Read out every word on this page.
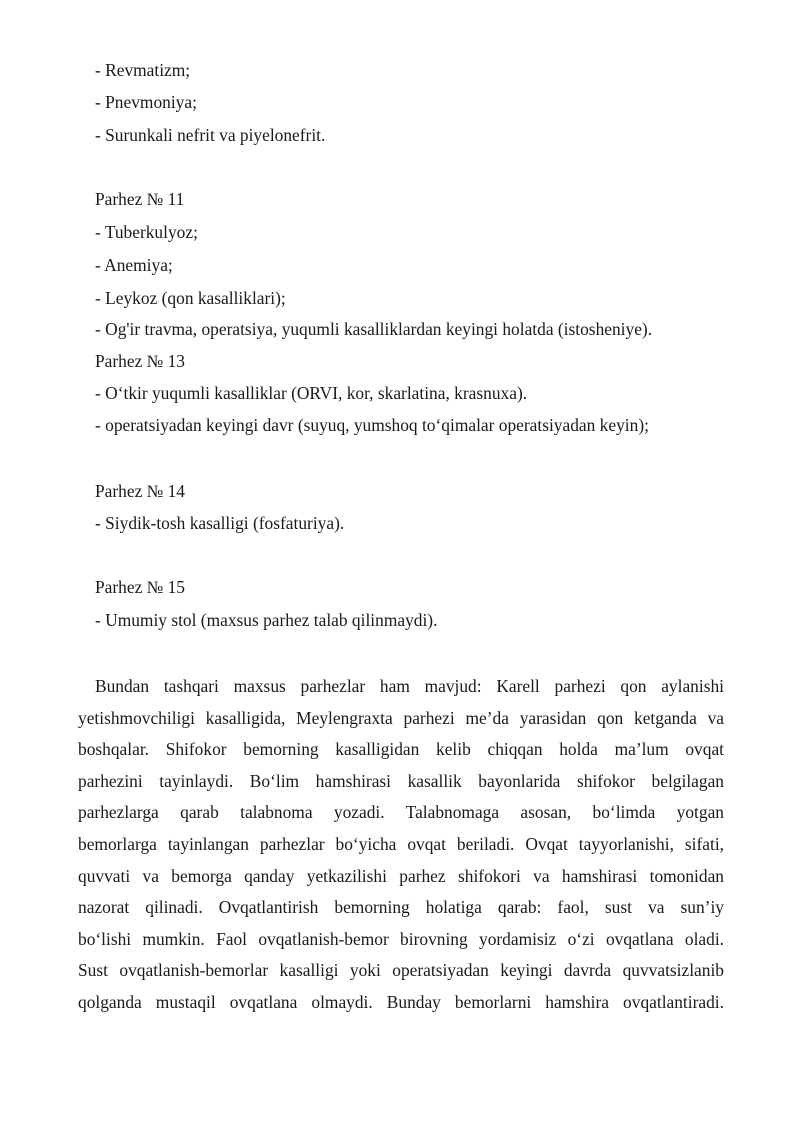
- Revmatizm;
- Pnevmoniya;
- Surunkali nefrit va piyelonefrit.
Parhez № 11
- Tuberkulyoz;
- Anemiya;
- Leykoz (qon kasalliklari);
- Og'ir travma, operatsiya, yuqumli kasalliklardan keyingi holatda (istosheniye).
Parhez № 13
- O‘tkir yuqumli kasalliklar (ORVI, kor, skarlatina, krasnuxa).
- operatsiyadan keyingi davr (suyuq, yumshoq to‘qimalar operatsiyadan keyin);
Parhez № 14
- Siydik-tosh kasalligi (fosfaturiya).
Parhez № 15
- Umumiy stol (maxsus parhez talab qilinmaydi).
Bundan tashqari maxsus parhezlar ham mavjud: Karell parhezi qon aylanishi
yetishmovchiligi kasalligida, Meylengraxta parhezi me’da yarasidan qon ketganda va
boshqalar. Shifokor bemorning kasalligidan kelib chiqqan holda ma’lum ovqat
parhezini tayinlaydi. Bo‘lim hamshirasi kasallik bayonlarida shifokor belgilagan
parhezlarga qarab talabnoma yozadi. Talabnomaga asosan, bo‘limda yotgan
bemorlarga tayinlangan parhezlar bo‘yicha ovqat beriladi. Ovqat tayyorlanishi, sifati,
quvvati va bemorga qanday yetkazilishi parhez shifokori va hamshirasi tomonidan
nazorat qilinadi. Ovqatlantirish bemorning holatiga qarab: faol, sust va sun’iy
bo‘lishi mumkin. Faol ovqatlanish-bemor birovning yordamisiz o‘zi ovqatlana oladi.
Sust ovqatlanish-bemorlar kasalligi yoki operatsiyadan keyingi davrda quvvatsizlanib
qolganda mustaqil ovqatlana olmaydi. Bunday bemorlarni hamshira ovqatlantiradi.
